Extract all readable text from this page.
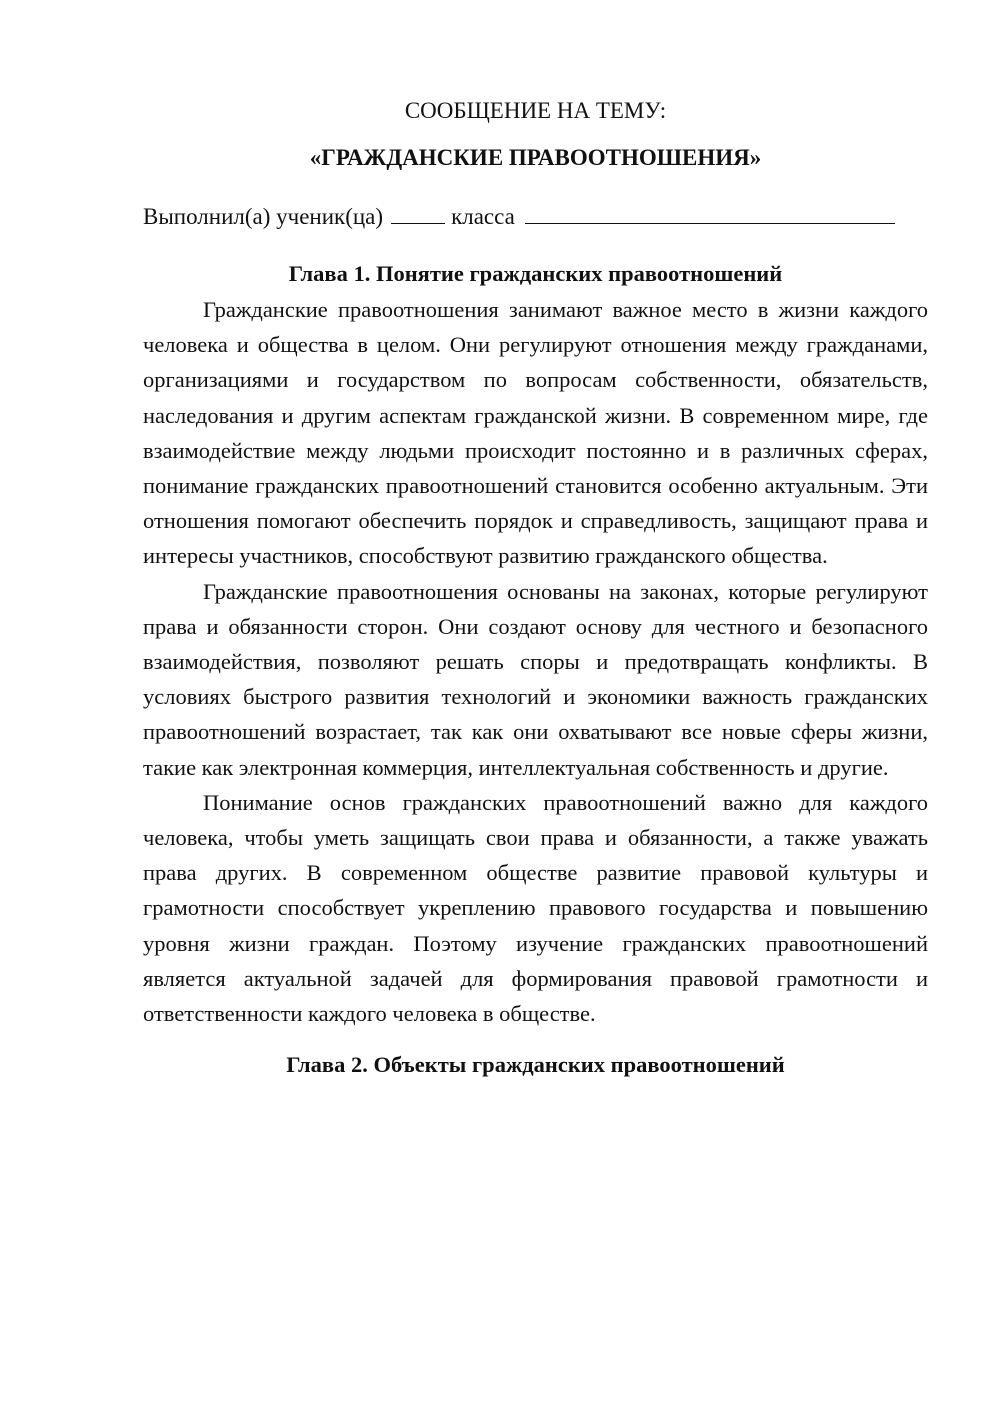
СООБЩЕНИЕ НА ТЕМУ:

«ГРАЖДАНСКИЕ ПРАВООТНОШЕНИЯ»

Выполнил(а) ученик(ца)	класса
Глава 1. Понятие гражданских правоотношений

Гражданские правоотношения занимают важное место в жизни каждого человека и общества в целом. Они регулируют отношения между гражданами, организациями и государством по вопросам собственности, обязательств, наследования и другим аспектам гражданской жизни. В современном мире, где взаимодействие между людьми происходит постоянно и в различных сферах, понимание гражданских правоотношений становится особенно актуальным. Эти отношения помогают обеспечить порядок и справедливость, защищают права и интересы участников, способствуют развитию гражданского общества.

Гражданские правоотношения основаны на законах, которые регулируют права и обязанности сторон. Они создают основу для честного и безопасного взаимодействия, позволяют решать споры и предотвращать конфликты. В условиях быстрого развития технологий и экономики важность гражданских правоотношений возрастает, так как они охватывают все новые сферы жизни, такие как электронная коммерция, интеллектуальная собственность и другие.

Понимание основ гражданских правоотношений важно для каждого человека, чтобы уметь защищать свои права и обязанности, а также уважать права других. В современном обществе развитие правовой культуры и грамотности способствует укреплению правового государства и повышению уровня жизни граждан. Поэтому изучение гражданских правоотношений является актуальной задачей для формирования правовой грамотности и ответственности каждого человека в обществе.

Глава 2. Объекты гражданских правоотношений
